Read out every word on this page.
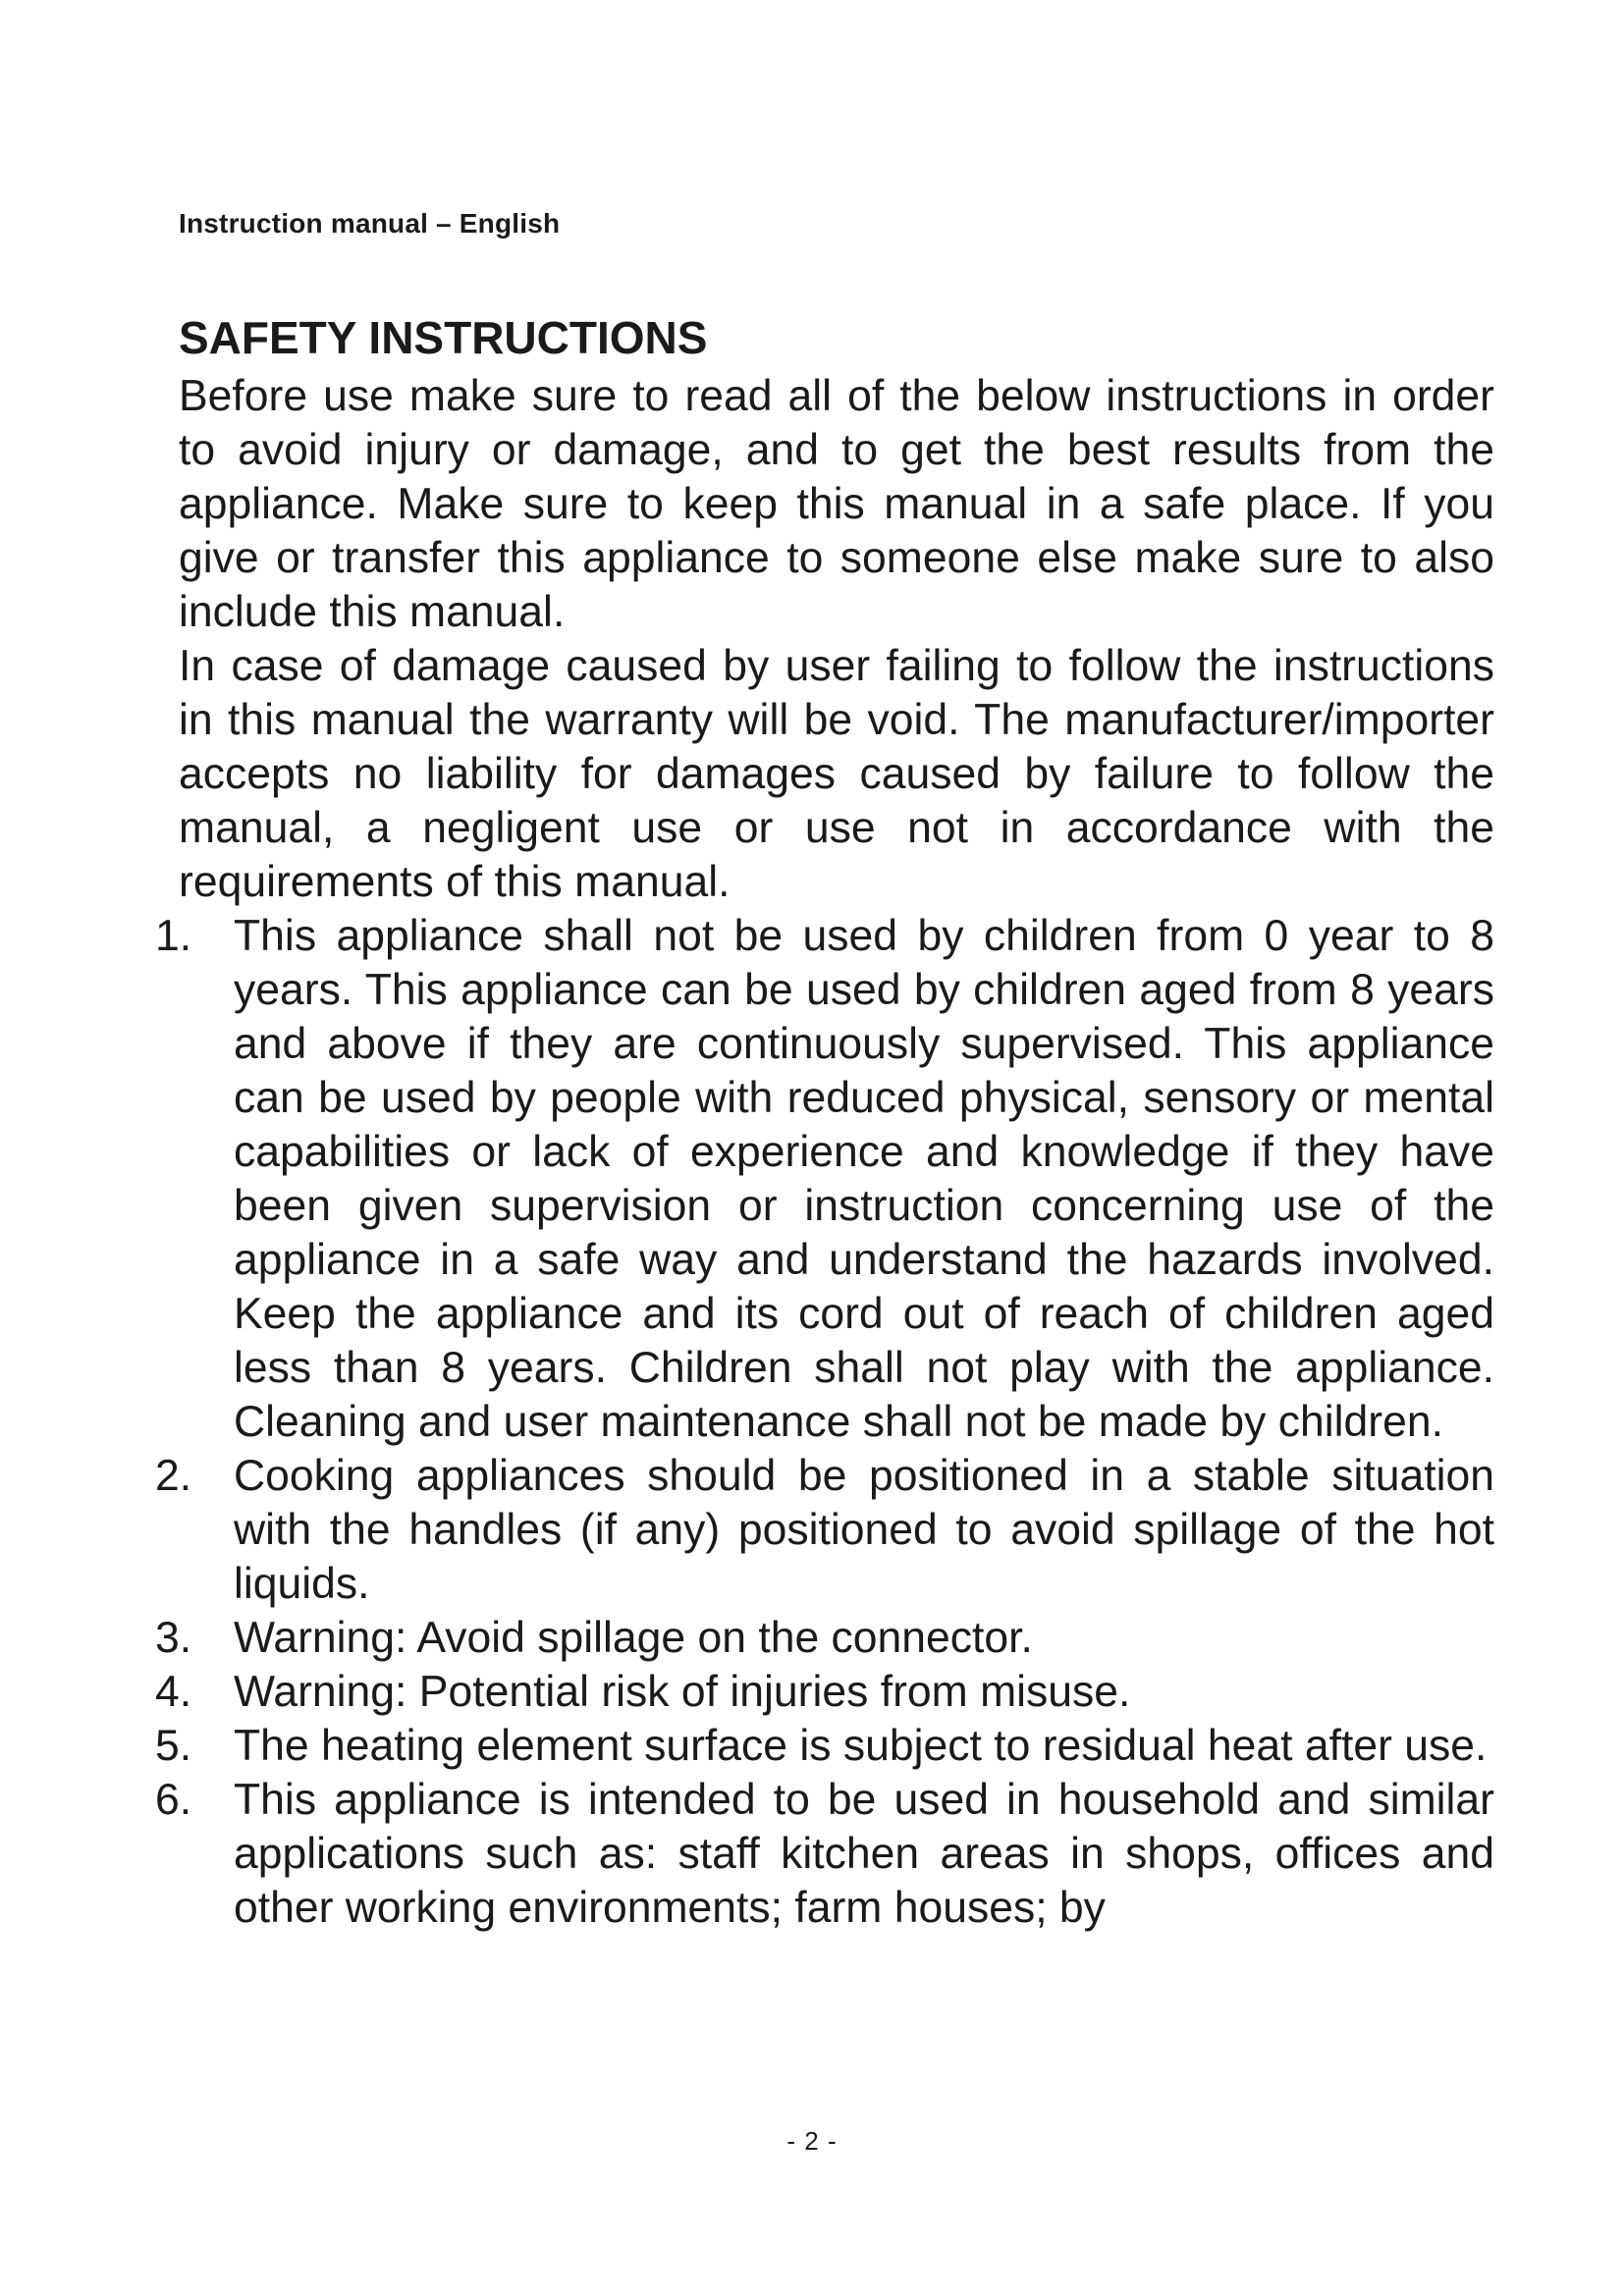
Instruction manual – English
SAFETY INSTRUCTIONS

Before use make sure to read all of the below instructions in order to avoid injury or damage, and to get the best results from the appliance. Make sure to keep this manual in a safe place. If you give or transfer this appliance to someone else make sure to also include this manual.

In case of damage caused by user failing to follow the instructions in this manual the warranty will be void. The manufacturer/importer accepts no liability for damages caused by failure to follow the manual, a negligent use or use not in accordance with the requirements of this manual.

1. This appliance shall not be used by children from 0 year to 8 years. This appliance can be used by children aged from 8 years and above if they are continuously supervised. This appliance can be used by people with reduced physical, sensory or mental capabilities or lack of experience and knowledge if they have been given supervision or instruction concerning use of the appliance in a safe way and understand the hazards involved. Keep the appliance and its cord out of reach of children aged less than 8 years. Children shall not play with the appliance. Cleaning and user maintenance shall not be made by children.
2. Cooking appliances should be positioned in a stable situation with the handles (if any) positioned to avoid spillage of the hot liquids.
3. Warning: Avoid spillage on the connector.
4. Warning: Potential risk of injuries from misuse.
5. The heating element surface is subject to residual heat after use.
6. This appliance is intended to be used in household and similar applications such as: staff kitchen areas in shops, offices and other working environments; farm houses; by
- 2 -
